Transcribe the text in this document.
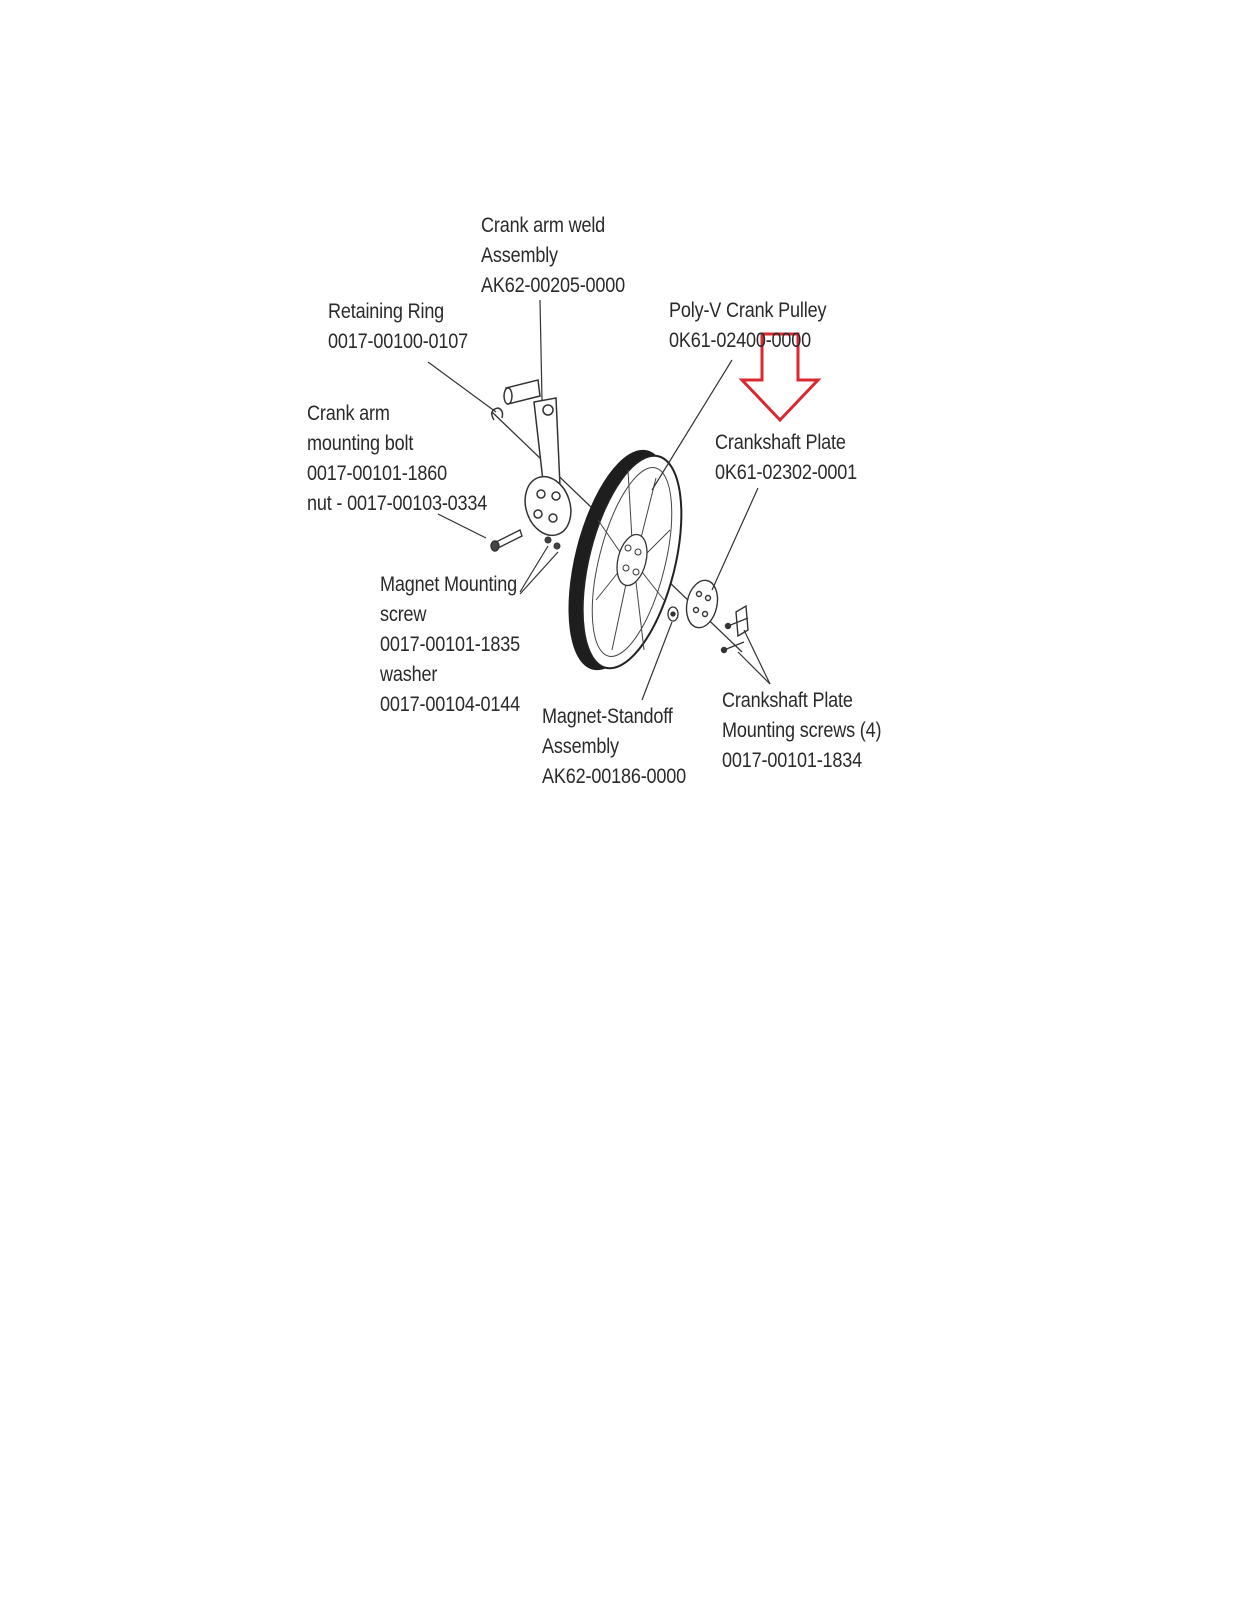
Crank arm weld
Assembly
AK62-00205-0000
Retaining Ring
0017-00100-0107
Poly-V Crank Pulley
0K61-02400-0000
Crank arm
mounting bolt
0017-00101-1860
nut - 0017-00103-0334
Crankshaft Plate
0K61-02302-0001
Magnet Mounting
screw
0017-00101-1835
washer
0017-00104-0144
Magnet-Standoff
Assembly
AK62-00186-0000
Crankshaft Plate
Mounting screws (4)
0017-00101-1834
